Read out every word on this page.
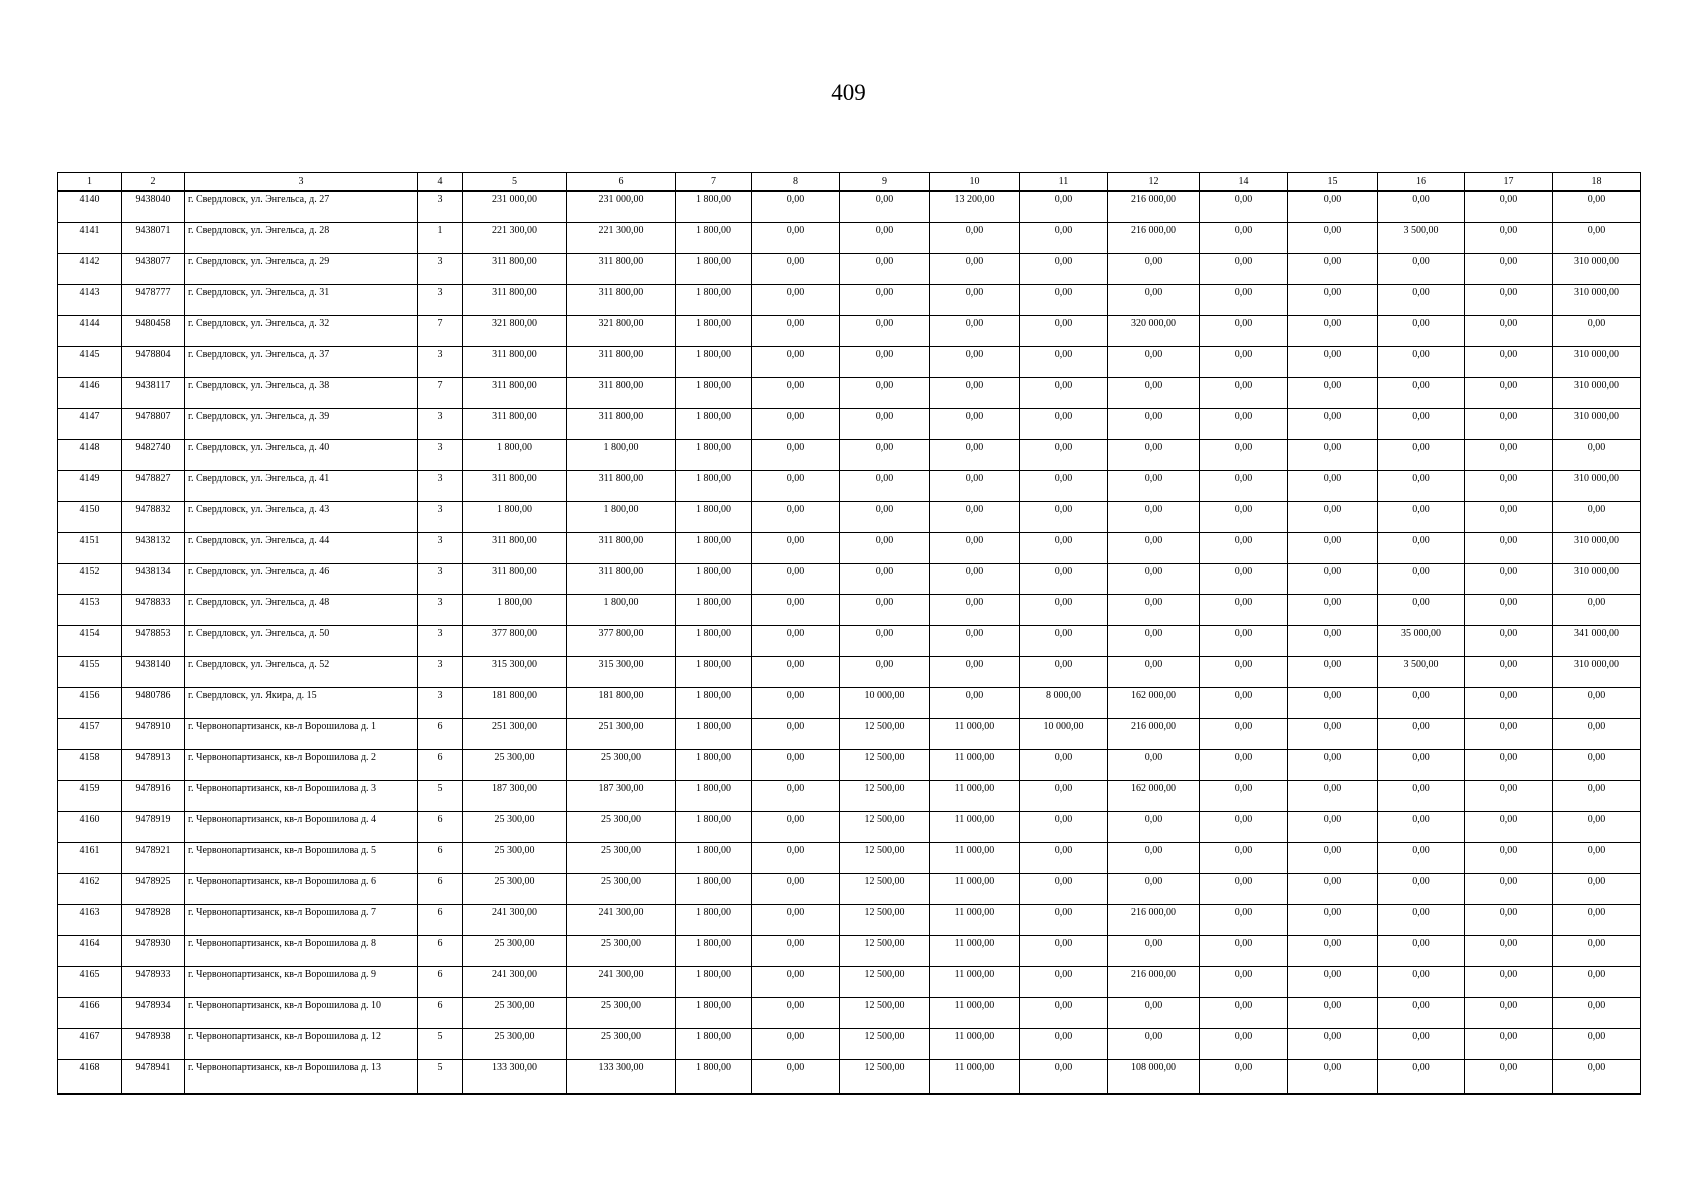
409
1	2	3	4	5	6	7	8	9	10	11	12	14	15	16	17	18
4140	9438040	г. Свердловск, ул. Энгельса, д. 27	3	231 000,00	231 000,00	1 800,00	0,00	0,00	13 200,00	0,00	216 000,00	0,00	0,00	0,00	0,00	0,00
4141	9438071	г. Свердловск, ул. Энгельса, д. 28	1	221 300,00	221 300,00	1 800,00	0,00	0,00	0,00	0,00	216 000,00	0,00	0,00	3 500,00	0,00	0,00
4142	9438077	г. Свердловск, ул. Энгельса, д. 29	3	311 800,00	311 800,00	1 800,00	0,00	0,00	0,00	0,00	0,00	0,00	0,00	0,00	0,00	310 000,00
4143	9478777	г. Свердловск, ул. Энгельса, д. 31	3	311 800,00	311 800,00	1 800,00	0,00	0,00	0,00	0,00	0,00	0,00	0,00	0,00	0,00	310 000,00
4144	9480458	г. Свердловск, ул. Энгельса, д. 32	7	321 800,00	321 800,00	1 800,00	0,00	0,00	0,00	0,00	320 000,00	0,00	0,00	0,00	0,00	0,00
4145	9478804	г. Свердловск, ул. Энгельса, д. 37	3	311 800,00	311 800,00	1 800,00	0,00	0,00	0,00	0,00	0,00	0,00	0,00	0,00	0,00	310 000,00
4146	9438117	г. Свердловск, ул. Энгельса, д. 38	7	311 800,00	311 800,00	1 800,00	0,00	0,00	0,00	0,00	0,00	0,00	0,00	0,00	0,00	310 000,00
4147	9478807	г. Свердловск, ул. Энгельса, д. 39	3	311 800,00	311 800,00	1 800,00	0,00	0,00	0,00	0,00	0,00	0,00	0,00	0,00	0,00	310 000,00
4148	9482740	г. Свердловск, ул. Энгельса, д. 40	3	1 800,00	1 800,00	1 800,00	0,00	0,00	0,00	0,00	0,00	0,00	0,00	0,00	0,00	0,00
4149	9478827	г. Свердловск, ул. Энгельса, д. 41	3	311 800,00	311 800,00	1 800,00	0,00	0,00	0,00	0,00	0,00	0,00	0,00	0,00	0,00	310 000,00
4150	9478832	г. Свердловск, ул. Энгельса, д. 43	3	1 800,00	1 800,00	1 800,00	0,00	0,00	0,00	0,00	0,00	0,00	0,00	0,00	0,00	0,00
4151	9438132	г. Свердловск, ул. Энгельса, д. 44	3	311 800,00	311 800,00	1 800,00	0,00	0,00	0,00	0,00	0,00	0,00	0,00	0,00	0,00	310 000,00
4152	9438134	г. Свердловск, ул. Энгельса, д. 46	3	311 800,00	311 800,00	1 800,00	0,00	0,00	0,00	0,00	0,00	0,00	0,00	0,00	0,00	310 000,00
4153	9478833	г. Свердловск, ул. Энгельса, д. 48	3	1 800,00	1 800,00	1 800,00	0,00	0,00	0,00	0,00	0,00	0,00	0,00	0,00	0,00	0,00
4154	9478853	г. Свердловск, ул. Энгельса, д. 50	3	377 800,00	377 800,00	1 800,00	0,00	0,00	0,00	0,00	0,00	0,00	0,00	35 000,00	0,00	341 000,00
4155	9438140	г. Свердловск, ул. Энгельса, д. 52	3	315 300,00	315 300,00	1 800,00	0,00	0,00	0,00	0,00	0,00	0,00	0,00	3 500,00	0,00	310 000,00
4156	9480786	г. Свердловск, ул. Якира, д. 15	3	181 800,00	181 800,00	1 800,00	0,00	10 000,00	0,00	8 000,00	162 000,00	0,00	0,00	0,00	0,00	0,00
4157	9478910	г. Червонопартизанск, кв-л Ворошилова д. 1	6	251 300,00	251 300,00	1 800,00	0,00	12 500,00	11 000,00	10 000,00	216 000,00	0,00	0,00	0,00	0,00	0,00
4158	9478913	г. Червонопартизанск, кв-л Ворошилова д. 2	6	25 300,00	25 300,00	1 800,00	0,00	12 500,00	11 000,00	0,00	0,00	0,00	0,00	0,00	0,00	0,00
4159	9478916	г. Червонопартизанск, кв-л Ворошилова д. 3	5	187 300,00	187 300,00	1 800,00	0,00	12 500,00	11 000,00	0,00	162 000,00	0,00	0,00	0,00	0,00	0,00
4160	9478919	г. Червонопартизанск, кв-л Ворошилова д. 4	6	25 300,00	25 300,00	1 800,00	0,00	12 500,00	11 000,00	0,00	0,00	0,00	0,00	0,00	0,00	0,00
4161	9478921	г. Червонопартизанск, кв-л Ворошилова д. 5	6	25 300,00	25 300,00	1 800,00	0,00	12 500,00	11 000,00	0,00	0,00	0,00	0,00	0,00	0,00	0,00
4162	9478925	г. Червонопартизанск, кв-л Ворошилова д. 6	6	25 300,00	25 300,00	1 800,00	0,00	12 500,00	11 000,00	0,00	0,00	0,00	0,00	0,00	0,00	0,00
4163	9478928	г. Червонопартизанск, кв-л Ворошилова д. 7	6	241 300,00	241 300,00	1 800,00	0,00	12 500,00	11 000,00	0,00	216 000,00	0,00	0,00	0,00	0,00	0,00
4164	9478930	г. Червонопартизанск, кв-л Ворошилова д. 8	6	25 300,00	25 300,00	1 800,00	0,00	12 500,00	11 000,00	0,00	0,00	0,00	0,00	0,00	0,00	0,00
4165	9478933	г. Червонопартизанск, кв-л Ворошилова д. 9	6	241 300,00	241 300,00	1 800,00	0,00	12 500,00	11 000,00	0,00	216 000,00	0,00	0,00	0,00	0,00	0,00
4166	9478934	г. Червонопартизанск, кв-л Ворошилова д. 10	6	25 300,00	25 300,00	1 800,00	0,00	12 500,00	11 000,00	0,00	0,00	0,00	0,00	0,00	0,00	0,00
4167	9478938	г. Червонопартизанск, кв-л Ворошилова д. 12	5	25 300,00	25 300,00	1 800,00	0,00	12 500,00	11 000,00	0,00	0,00	0,00	0,00	0,00	0,00	0,00
4168	9478941	г. Червонопартизанск, кв-л Ворошилова д. 13	5	133 300,00	133 300,00	1 800,00	0,00	12 500,00	11 000,00	0,00	108 000,00	0,00	0,00	0,00	0,00	0,00
